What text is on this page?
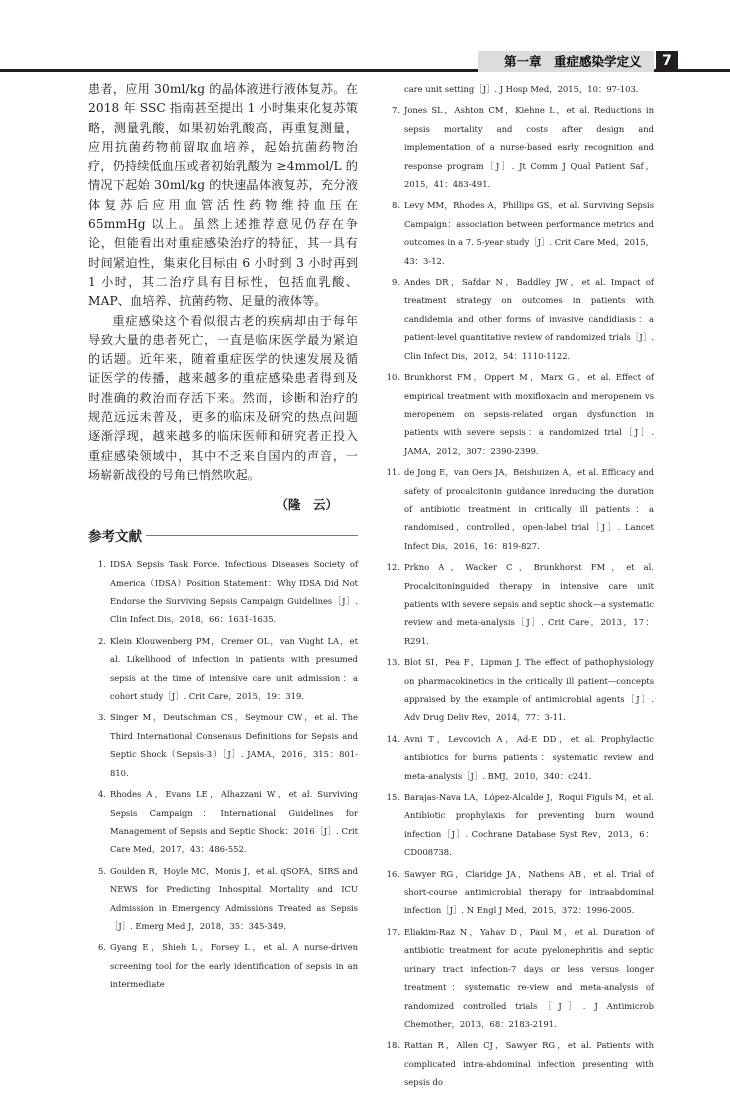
第一章　重症感染学定义	7

患者，应用 30ml/kg 的晶体液进行液体复苏。在 2018 年 SSC 指南甚至提出 1 小时集束化复苏策略，测量乳酸，如果初始乳酸高，再重复测量，应用抗菌药物前留取血培养，起始抗菌药物治疗，仍持续低血压或者初始乳酸为 ≥4mmol/L 的情况下起始 30ml/kg 的快速晶体液复苏，充分液体复苏后应用血管活性药物维持血压在 65mmHg 以上。虽然上述推荐意见仍存在争论，但能看出对重症感染治疗的特征，其一具有时间紧迫性，集束化目标由 6 小时到 3 小时再到 1 小时，其二治疗具有目标性，包括血乳酸、MAP、血培养、抗菌药物、足量的液体等。

重症感染这个看似很古老的疾病却由于每年导致大量的患者死亡，一直是临床医学最为紧迫的话题。近年来，随着重症医学的快速发展及循证医学的传播，越来越多的重症感染患者得到及时准确的救治而存活下来。然而，诊断和治疗的规范远远未普及，更多的临床及研究的热点问题逐渐浮现，越来越多的临床医师和研究者正投入重症感染领域中，其中不乏来自国内的声音，一场崭新战役的号角已悄然吹起。

（隆　云）
参考文献
1. IDSA Sepsis Task Force. Infectious Diseases Society of America（IDSA）Position Statement：Why IDSA Did Not Endorse the Surviving Sepsis Campaign Guidelines［J］. Clin Infect Dis，2018，66：1631-1635.
2. Klein Klouwenberg PM，Cremer OL，van Vught LA，et al. Likelihood of infection in patients with presumed sepsis at the time of intensive care unit admission：a cohort study［J］. Crit Care，2015，19：319.
3. Singer M，Deutschman CS，Seymour CW，et al. The Third International Consensus Definitions for Sepsis and Septic Shock（Sepsis-3）［J］. JAMA，2016，315：801-810.
4. Rhodes A，Evans LE，Alhazzani W，et al. Surviving Sepsis Campaign：International Guidelines for Management of Sepsis and Septic Shock：2016［J］. Crit Care Med，2017，43：486-552.
5. Goulden R，Hoyle MC，Monis J，et al. qSOFA，SIRS and NEWS for Predicting Inhospital Mortality and ICU Admission in Emergency Admissions Treated as Sepsis［J］. Emerg Med J，2018，35：345-349.
6. Gyang E，Shieh L，Forsey L，et al. A nurse-driven screening tool for the early identification of sepsis in an intermediate
care unit setting［J］. J Hosp Med，2015，10：97-103.
7. Jones SL，Ashton CM，Kiehne L，et al. Reductions in sepsis mortality and costs after design and implementation of a nurse-based early recognition and response program［J］. Jt Comm J Qual Patient Saf，2015，41：483-491.
8. Levy MM，Rhodes A，Phillips GS，et al. Surviving Sepsis Campaign：association between performance metrics and outcomes in a 7. 5-year study［J］. Crit Care Med，2015，43：3-12.
9. Andes DR，Safdar N，Baddley JW，et al. Impact of treatment strategy on outcomes in patients with candidemia and other forms of invasive candidiasis：a patient-level quantitative review of randomized trials［J］. Clin Infect Dis，2012，54：1110-1122.
10. Brunkhorst FM，Oppert M，Marx G，et al. Effect of empirical treatment with moxifloxacin and meropenem vs meropenem on sepsis-related organ dysfunction in patients with severe sepsis：a randomized trial［J］. JAMA，2012，307：2390-2399.
11. de Jong E，van Oers JA，Beishuizen A，et al. Efficacy and safety of procalcitonin guidance inreducing the duration of antibiotic treatment in critically ill patients：a randomised，controlled，open-label trial［J］. Lancet Infect Dis，2016，16：819-827.
12. Prkno A，Wacker C，Brunkhorst FM，et al. Procalcitoninguided therapy in intensive care unit patients with severe sepsis and septic shock—a systematic review and meta-analysis［J］. Crit Care，2013，17：R291.
13. Blot SI，Pea F，Lipman J. The effect of pathophysiology on pharmacokinetics in the critically ill patient—concepts appraised by the example of antimicrobial agents［J］. Adv Drug Deliv Rev，2014，77：3-11.
14. Avni T，Levcovich A，Ad-E DD，et al. Prophylactic antibiotics for burns patients：systematic review and meta-analysis［J］. BMJ，2010，340：c241.
15. Barajas-Nava LA，López-Alcalde J，Roqui Figuls M，et al. Antibiotic prophylaxis for preventing burn wound infection［J］. Cochrane Database Syst Rev，2013，6：CD008738.
16. Sawyer RG，Claridge JA，Nathens AB，et al. Trial of short-course antimicrobial therapy for intraabdominal infection［J］. N Engl J Med，2015，372：1996-2005.
17. Eliakim-Raz N，Yahav D，Paul M，et al. Duration of antibiotic treatment for acute pyelonephritis and septic urinary tract infection-7 days or less versus longer treatment：systematic re-view and meta-analysis of randomized controlled trials［J］. J Antimicrob Chemother，2013，68：2183-2191.
18. Rattan R，Allen CJ，Sawyer RG，et al. Patients with complicated intra-abdominal infection presenting with sepsis do
